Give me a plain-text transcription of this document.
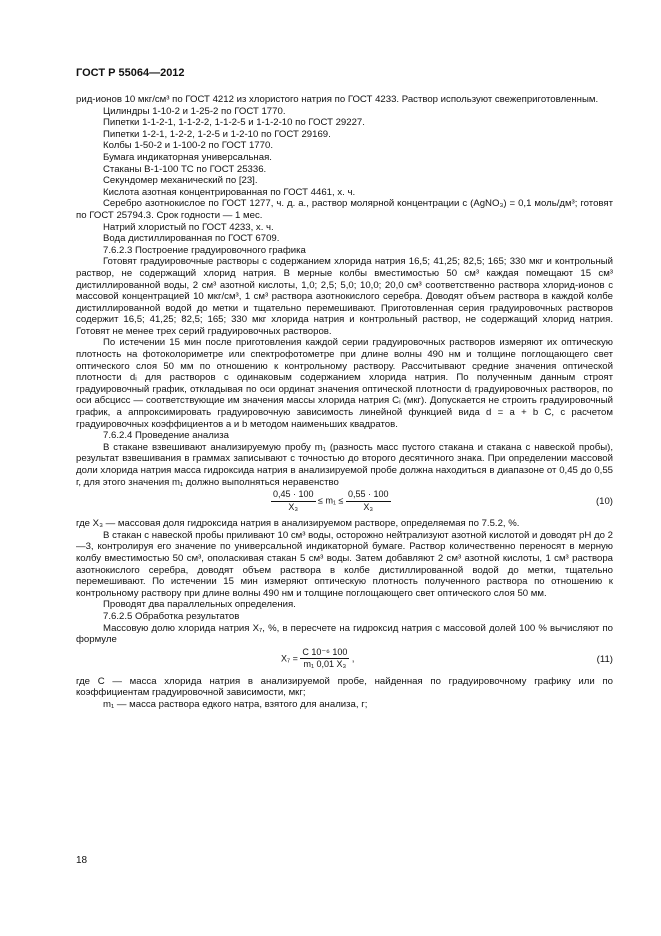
ГОСТ Р 55064—2012

рид-ионов 10 мкг/см³ по ГОСТ 4212 из хлористого натрия по ГОСТ 4233. Раствор используют свежеприготовленным.

Цилиндры 1-10-2 и 1-25-2 по ГОСТ 1770.

Пипетки 1-1-2-1, 1-1-2-2, 1-1-2-5 и 1-1-2-10 по ГОСТ 29227.

Пипетки 1-2-1, 1-2-2, 1-2-5 и 1-2-10 по ГОСТ 29169.

Колбы 1-50-2 и 1-100-2 по ГОСТ 1770.

Бумага индикаторная универсальная.

Стаканы В-1-100 ТС по ГОСТ 25336.

Секундомер механический по [23].

Кислота азотная концентрированная по ГОСТ 4461, х. ч.

Серебро азотнокислое по ГОСТ 1277, ч. д. а., раствор молярной концентрации c (AgNO₃) = 0,1 моль/дм³; готовят по ГОСТ 25794.3. Срок годности — 1 мес.

Натрий хлористый по ГОСТ 4233, х. ч.

Вода дистиллированная по ГОСТ 6709.

7.6.2.3 Построение градуировочного графика

Готовят градуировочные растворы с содержанием хлорида натрия 16,5; 41,25; 82,5; 165; 330 мкг и контрольный раствор, не содержащий хлорид натрия. В мерные колбы вместимостью 50 см³ каждая помещают 15 см³ дистиллированной воды, 2 см³ азотной кислоты, 1,0; 2,5; 5,0; 10,0; 20,0 см³ соответственно раствора хлорид-ионов с массовой концентрацией 10 мкг/см³, 1 см³ раствора азотнокислого серебра. Доводят объем раствора в каждой колбе дистиллированной водой до метки и тщательно перемешивают. Приготовленная серия градуировочных растворов содержит 16,5; 41,25; 82,5; 165; 330 мкг хлорида натрия и контрольный раствор, не содержащий хлорид натрия. Готовят не менее трех серий градуировочных растворов.

По истечении 15 мин после приготовления каждой серии градуировочных растворов измеряют их оптическую плотность на фотоколориметре или спектрофотометре при длине волны 490 нм и толщине поглощающего свет оптического слоя 50 мм по отношению к контрольному раствору. Рассчитывают средние значения оптической плотности dᵢ для растворов с одинаковым содержанием хлорида натрия. По полученным данным строят градуировочный график, откладывая по оси ординат значения оптической плотности dᵢ градуировочных растворов, по оси абсцисс — соответствующие им значения массы хлорида натрия Cᵢ (мкг). Допускается не строить градуировочный график, а аппроксимировать градуировочную зависимость линейной функцией вида d = a + b C, с расчетом градуировочных коэффициентов a и b методом наименьших квадратов.

7.6.2.4 Проведение анализа

В стакане взвешивают анализируемую пробу m₁ (разность масс пустого стакана и стакана с навеской пробы), результат взвешивания в граммах записывают с точностью до второго десятичного знака. При определении массовой доли хлорида натрия масса гидроксида натрия в анализируемой пробе должна находиться в диапазоне от 0,45 до 0,55 г, для этого значения m₁ должно выполняться неравенство

$\frac{0,45 \cdot 100}{\text{X₃}} \le m_1 \le \frac{0,55 \cdot 100}{\text{X₃}}$	(10)

где X₃ — массовая доля гидроксида натрия в анализируемом растворе, определяемая по 7.5.2, %.

В стакан с навеской пробы приливают 10 см³ воды, осторожно нейтрализуют азотной кислотой и доводят pH до 2—3, контролируя его значение по универсальной индикаторной бумаге. Раствор количественно переносят в мерную колбу вместимостью 50 см³, ополаскивая стакан 5 см³ воды. Затем добавляют 2 см³ азотной кислоты, 1 см³ раствора азотнокислого серебра, доводят объем раствора в колбе дистиллированной водой до метки, тщательно перемешивают. По истечении 15 мин измеряют оптическую плотность полученного раствора по отношению к контрольному раствору при длине волны 490 нм и толщине поглощающего свет оптического слоя 50 мм.

Проводят два параллельных определения.

7.6.2.5 Обработка результатов

Массовую долю хлорида натрия X₇, %, в пересчете на гидроксид натрия с массовой долей 100 % вычисляют по формуле

$X_7 = \frac{\text{C 10⁻⁶ 100}}{\text{m₁ 0,01 X₃}}$ ,	(11)

где C — масса хлорида натрия в анализируемой пробе, найденная по градуировочному графику или по коэффициентам градуировочной зависимости, мкг;

m₁ — масса раствора едкого натра, взятого для анализа, г;

18
